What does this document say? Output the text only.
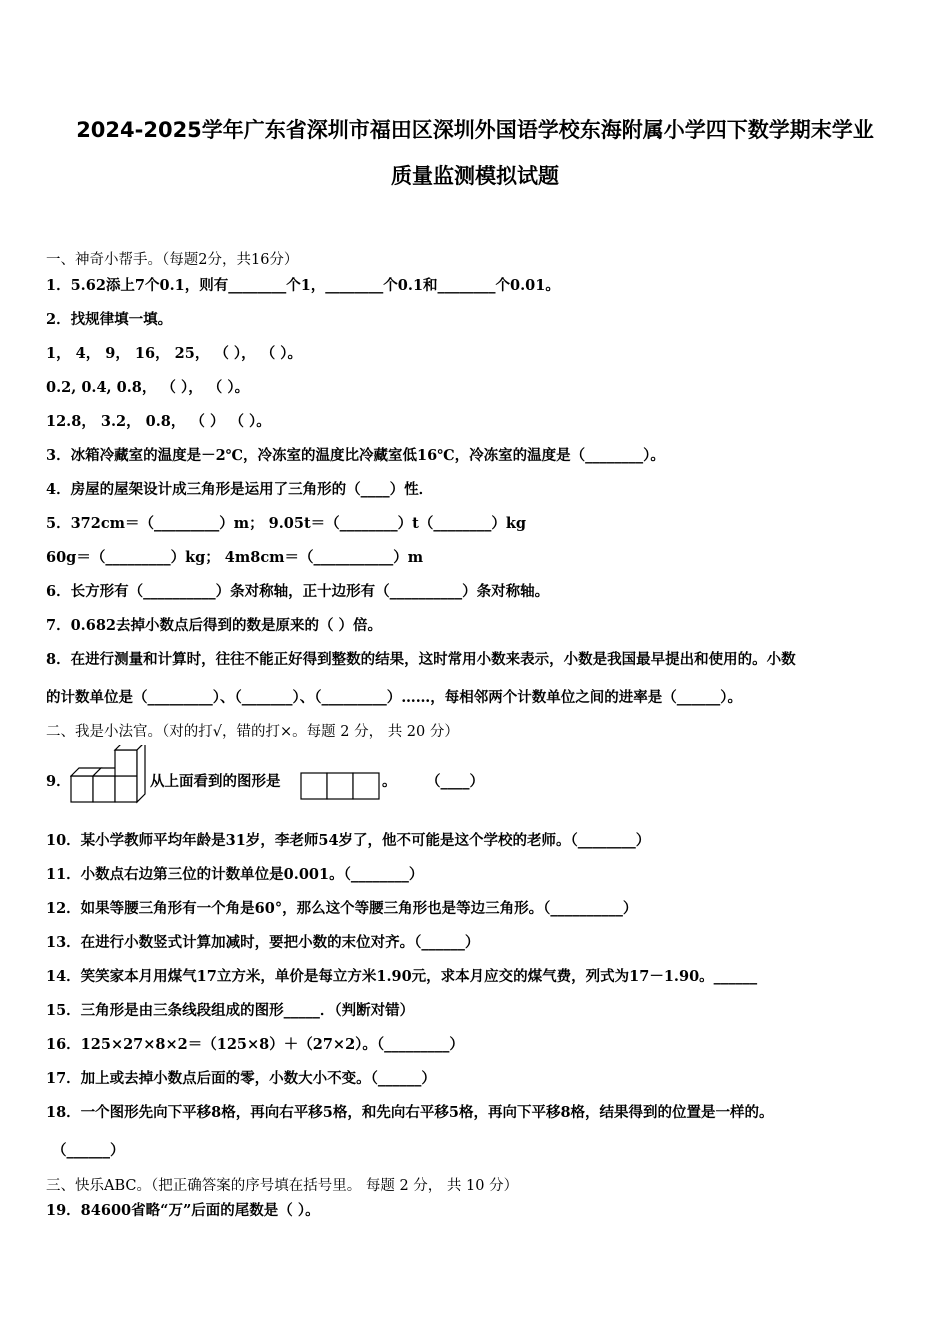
2024-2025学年广东省深圳市福田区深圳外国语学校东海附属小学四下数学期末学业
质量监测模拟试题
一、神奇小帮手。（每题2分，共16分）
1．5.62添上7个0.1，则有________个1，________个0.1和________个0.01。
2．找规律填一填。
1， 4， 9， 16， 25， （ ）， （ ）。
0.2, 0.4, 0.8， （ ）， （ ）。
12.8， 3.2， 0.8， （ ） （ ）。
3．冰箱冷藏室的温度是－2℃，冷冻室的温度比冷藏室低16℃，冷冻室的温度是（________）。
4．房屋的屋架设计成三角形是运用了三角形的（____）性．
5．372cm＝（_________）m； 9.05t＝（________）t（________）kg
60g＝（_________）kg； 4m8cm＝（___________）m
6．长方形有（__________）条对称轴，正十边形有（__________）条对称轴。
7．0.682去掉小数点后得到的数是原来的（ ）倍。
8．在进行测量和计算时，往往不能正好得到整数的结果，这时常用小数来表示，小数是我国最早提出和使用的。小数
的计数单位是（_________）、（_______）、（_________）……，每相邻两个计数单位之间的进率是（______）。
二、我是小法官。（对的打√，错的打×。每题 2 分， 共 20 分）
9．	从上面看到的图形是	。 （____）
10．某小学教师平均年龄是31岁，李老师54岁了，他不可能是这个学校的老师。（________）
11．小数点右边第三位的计数单位是0.001。（________）
12．如果等腰三角形有一个角是60°，那么这个等腰三角形也是等边三角形。（__________）
13．在进行小数竖式计算加减时，要把小数的末位对齐。（______）
14．笑笑家本月用煤气17立方米，单价是每立方米1.90元，求本月应交的煤气费，列式为17－1.90。______
15．三角形是由三条线段组成的图形_____．（判断对错）
16．125×27×8×2＝（125×8）＋（27×2）。（_________）
17．加上或去掉小数点后面的零，小数大小不变。（______）
18．一个图形先向下平移8格，再向右平移5格，和先向右平移5格，再向下平移8格，结果得到的位置是一样的。
（______）
三、快乐ABC。（把正确答案的序号填在括号里。 每题 2 分， 共 10 分）
19．84600省略“万”后面的尾数是（ ）。
